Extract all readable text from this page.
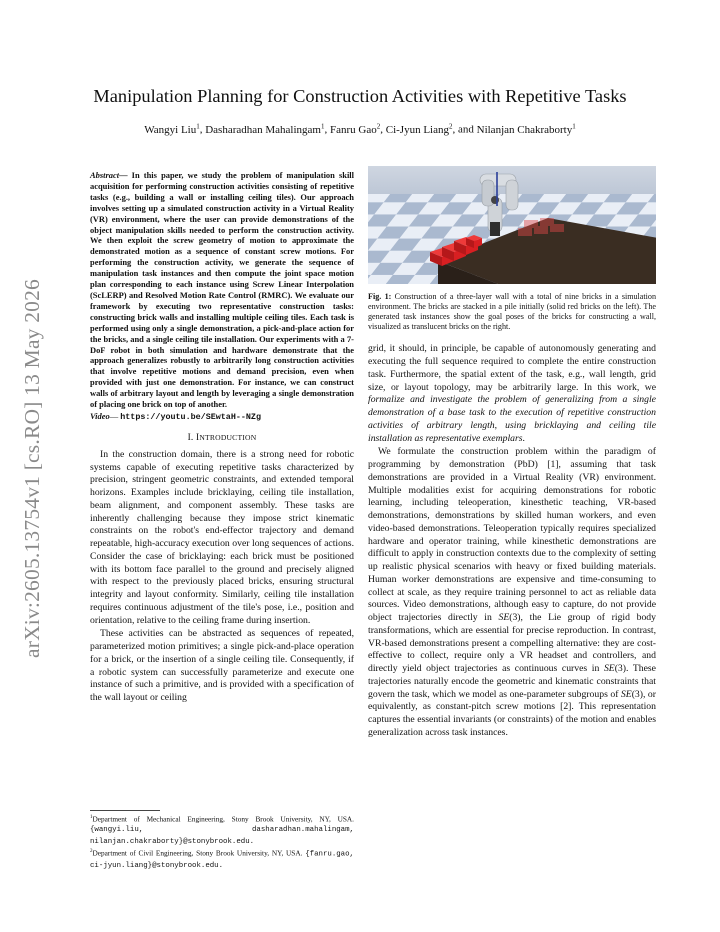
arXiv:2605.13754v1 [cs.RO] 13 May 2026
Manipulation Planning for Construction Activities with Repetitive Tasks
Wangyi Liu$^1$, Dasharadhan Mahalingam$^1$, Fanru Gao$^2$, Ci-Jyun Liang$^2$, and Nilanjan Chakraborty$^1$

Abstract— In this paper, we study the problem of manipulation skill acquisition for performing construction activities consisting of repetitive tasks (e.g., building a wall or installing ceiling tiles). Our approach involves setting up a simulated construction activity in a Virtual Reality (VR) environment, where the user can provide demonstrations of the object manipulation skills needed to perform the construction activity. We then exploit the screw geometry of motion to approximate the demonstrated motion as a sequence of constant screw motions. For performing the construction activity, we generate the sequence of manipulation task instances and then compute the joint space motion plan corresponding to each instance using Screw Linear Interpolation (ScLERP) and Resolved Motion Rate Control (RMRC). We evaluate our framework by executing two representative construction tasks: constructing brick walls and installing multiple ceiling tiles. Each task is performed using only a single demonstration, a pick-and-place action for the bricks, and a single ceiling tile installation. Our experiments with a 7-DoF robot in both simulation and hardware demonstrate that the approach generalizes robustly to arbitrarily long construction activities that involve repetitive motions and demand precision, even when provided with just one demonstration. For instance, we can construct walls of arbitrary layout and length by leveraging a single demonstration of placing one brick on top of another.

Video— https://youtu.be/SEwtaH--NZg

I. INTRODUCTION

In the construction domain, there is a strong need for robotic systems capable of executing repetitive tasks characterized by precision, stringent geometric constraints, and extended temporal horizons. Examples include bricklaying, ceiling tile installation, beam alignment, and component assembly. These tasks are inherently challenging because they impose strict kinematic constraints on the robot's end-effector trajectory and demand repeatable, high-accuracy execution over long sequences of actions. Consider the case of bricklaying: each brick must be positioned with its bottom face parallel to the ground and precisely aligned with respect to the previously placed bricks, ensuring structural integrity and layout conformity. Similarly, ceiling tile installation requires continuous adjustment of the tile's pose, i.e., position and orientation, relative to the ceiling frame during insertion.

These activities can be abstracted as sequences of repeated, parameterized motion primitives; a single pick-and-place operation for a brick, or the insertion of a single ceiling tile. Consequently, if a robotic system can successfully parameterize and execute one instance of such a primitive, and is provided with a specification of the wall layout or ceiling

$^1$Department of Mechanical Engineering, Stony Brook University, NY, USA. {wangyi.liu, dasharadhan.mahalingam, nilanjan.chakraborty}@stonybrook.edu.

$^2$Department of Civil Engineering, Stony Brook University, NY, USA. {fanru.gao, ci-jyun.liang}@stonybrook.edu.

Fig. 1: Construction of a three-layer wall with a total of nine bricks in a simulation environment. The bricks are stacked in a pile initially (solid red bricks on the left). The generated task instances show the goal poses of the bricks for constructing a wall, visualized as translucent bricks on the right.

grid, it should, in principle, be capable of autonomously generating and executing the full sequence required to complete the entire construction task. Furthermore, the spatial extent of the task, e.g., wall length, grid size, or layout topology, may be arbitrarily large. In this work, we formalize and investigate the problem of generalizing from a single demonstration of a base task to the execution of repetitive construction activities of arbitrary length, using bricklaying and ceiling tile installation as representative exemplars.

We formulate the construction problem within the paradigm of programming by demonstration (PbD) [1], assuming that task demonstrations are provided in a Virtual Reality (VR) environment. Multiple modalities exist for acquiring demonstrations for robotic learning, including teleoperation, kinesthetic teaching, VR-based demonstrations, demonstrations by skilled human workers, and even video-based demonstrations. Teleoperation typically requires specialized hardware and operator training, while kinesthetic demonstrations are difficult to apply in construction contexts due to the complexity of setting up realistic physical scenarios with heavy or fixed building materials. Human worker demonstrations are expensive and time-consuming to collect at scale, as they require training personnel to act as reliable data sources. Video demonstrations, although easy to capture, do not provide object trajectories directly in SE(3), the Lie group of rigid body transformations, which are essential for precise reproduction. In contrast, VR-based demonstrations present a compelling alternative: they are cost-effective to collect, require only a VR headset and controllers, and directly yield object trajectories as continuous curves in SE(3). These trajectories naturally encode the geometric and kinematic constraints that govern the task, which we model as one-parameter subgroups of SE(3), or equivalently, as constant-pitch screw motions [2]. This representation captures the essential invariants (or constraints) of the motion and enables generalization across task instances.
